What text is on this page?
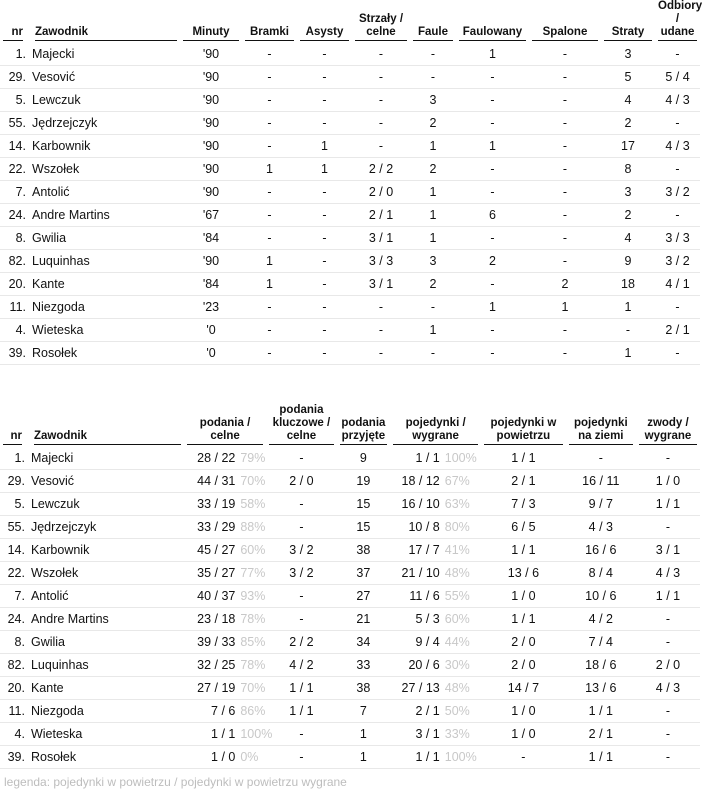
nr	Zawodnik	Minuty	Bramki	Asysty	Strzały / celne	Faule	Faulowany	Spalone	Straty	Odbiory / udane

1.	Majecki	'90	-	-	-	-	1	-	3	-
29.	Vesović	'90	-	-	-	-	-	-	5	5 / 4
5.	Lewczuk	'90	-	-	-	3	-	-	4	4 / 3
55.	Jędrzejczyk	'90	-	-	-	2	-	-	2	-
14.	Karbownik	'90	-	1	-	1	1	-	17	4 / 3
22.	Wszołek	'90	1	1	2 / 2	2	-	-	8	-
7.	Antolić	'90	-	-	2 / 0	1	-	-	3	3 / 2
24.	Andre Martins	'67	-	-	2 / 1	1	6	-	2	-
8.	Gwilia	'84	-	-	3 / 1	1	-	-	4	3 / 3
82.	Luquinhas	'90	1	-	3 / 3	3	2	-	9	3 / 2
20.	Kante	'84	1	-	3 / 1	2	-	2	18	4 / 1
11.	Niezgoda	'23	-	-	-	-	1	1	1	-
4.	Wieteska	'0	-	-	-	1	-	-	-	2 / 1
39.	Rosołek	'0	-	-	-	-	-	-	1	-
nr	Zawodnik	podania / celne		podania kluczowe / celne	podania przyjęte	pojedynki / wygrane		pojedynki w powietrzu	pojedynki na ziemi	zwody / wygrane

1.	Majecki	28 / 22	79%	-	9	1 / 1	100%	1 / 1	-	-
29.	Vesović	44 / 31	70%	2 / 0	19	18 / 12	67%	2 / 1	16 / 11	1 / 0
5.	Lewczuk	33 / 19	58%	-	15	16 / 10	63%	7 / 3	9 / 7	1 / 1
55.	Jędrzejczyk	33 / 29	88%	-	15	10 / 8	80%	6 / 5	4 / 3	-
14.	Karbownik	45 / 27	60%	3 / 2	38	17 / 7	41%	1 / 1	16 / 6	3 / 1
22.	Wszołek	35 / 27	77%	3 / 2	37	21 / 10	48%	13 / 6	8 / 4	4 / 3
7.	Antolić	40 / 37	93%	-	27	11 / 6	55%	1 / 0	10 / 6	1 / 1
24.	Andre Martins	23 / 18	78%	-	21	5 / 3	60%	1 / 1	4 / 2	-
8.	Gwilia	39 / 33	85%	2 / 2	34	9 / 4	44%	2 / 0	7 / 4	-
82.	Luquinhas	32 / 25	78%	4 / 2	33	20 / 6	30%	2 / 0	18 / 6	2 / 0
20.	Kante	27 / 19	70%	1 / 1	38	27 / 13	48%	14 / 7	13 / 6	4 / 3
11.	Niezgoda	7 / 6	86%	1 / 1	7	2 / 1	50%	1 / 0	1 / 1	-
4.	Wieteska	1 / 1	100%	-	1	3 / 1	33%	1 / 0	2 / 1	-
39.	Rosołek	1 / 0	0%	-	1	1 / 1	100%	-	1 / 1	-
legenda: pojedynki w powietrzu / pojedynki w powietrzu wygrane
